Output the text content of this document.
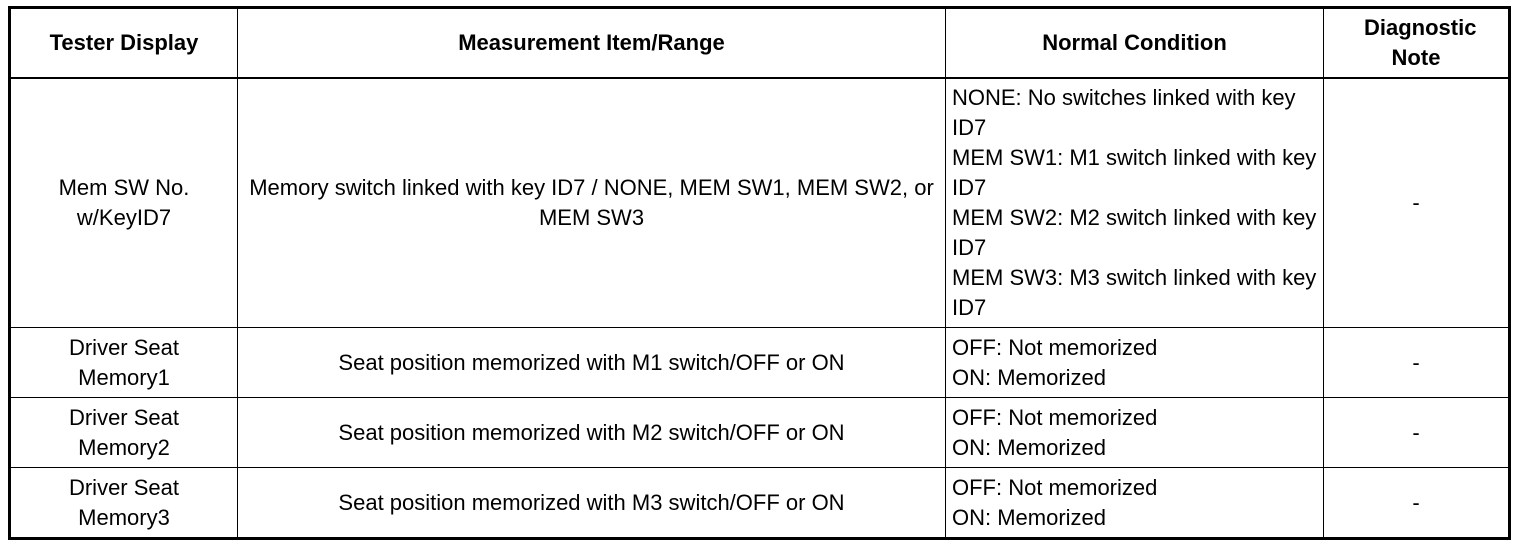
Tester Display	Measurement Item/Range	Normal Condition	Diagnostic Note
Mem SW No. w/KeyID7	Memory switch linked with key ID7 / NONE, MEM SW1, MEM SW2, or MEM SW3	NONE: No switches linked with key ID7
MEM SW1: M1 switch linked with key ID7
MEM SW2: M2 switch linked with key ID7
MEM SW3: M3 switch linked with key ID7	-
Driver Seat Memory1	Seat position memorized with M1 switch/OFF or ON	OFF: Not memorized
ON: Memorized	-
Driver Seat Memory2	Seat position memorized with M2 switch/OFF or ON	OFF: Not memorized
ON: Memorized	-
Driver Seat Memory3	Seat position memorized with M3 switch/OFF or ON	OFF: Not memorized
ON: Memorized	-
